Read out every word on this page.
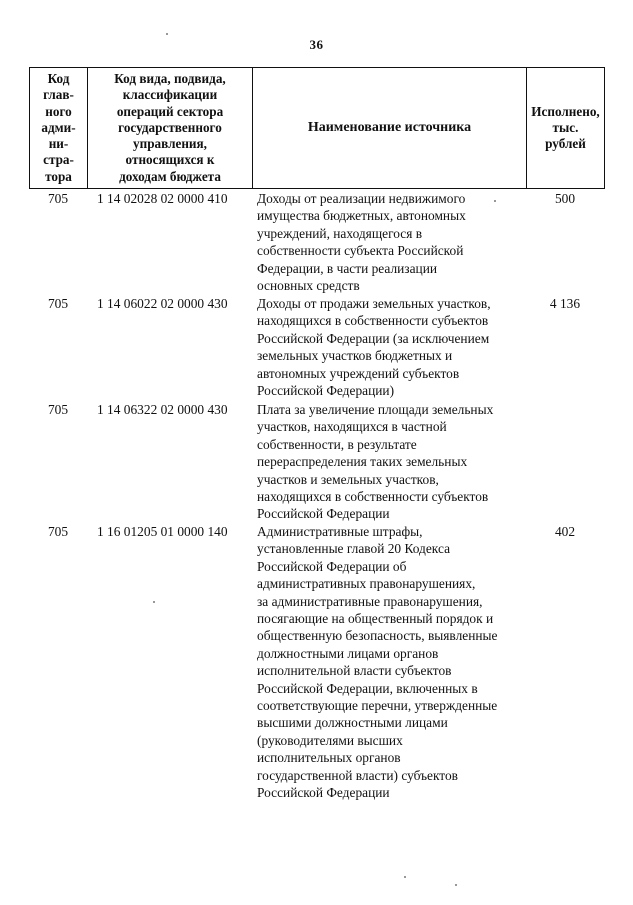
36
Код
глав-
ного
адми-
ни-
стра-
тора	Код вида, подвида,
классификации
операций сектора
государственного
управления,
относящихся к
доходам бюджета	Наименование источника	Исполнено,
тыс.
рублей
705	1 14 02028 02 0000 410	Доходы от реализации недвижимого
имущества бюджетных, автономных
учреждений, находящегося в
собственности субъекта Российской
Федерации, в части реализации
основных средств
500
705	1 14 06022 02 0000 430	Доходы от продажи земельных участков,
находящихся в собственности субъектов
Российской Федерации (за исключением
земельных участков бюджетных и
автономных учреждений субъектов
Российской Федерации)
4 136
705	1 14 06322 02 0000 430	Плата за увеличение площади земельных
участков, находящихся в частной
собственности, в результате
перераспределения таких земельных
участков и земельных участков,
находящихся в собственности субъектов
Российской Федерации
705	1 16 01205 01 0000 140	Административные штрафы,
установленные главой 20 Кодекса
Российской Федерации об
административных правонарушениях,
за административные правонарушения,
посягающие на общественный порядок и
общественную безопасность, выявленные
должностными лицами органов
исполнительной власти субъектов
Российской Федерации, включенных в
соответствующие перечни, утвержденные
высшими должностными лицами
(руководителями высших
исполнительных органов
государственной власти) субъектов
Российской Федерации
402
